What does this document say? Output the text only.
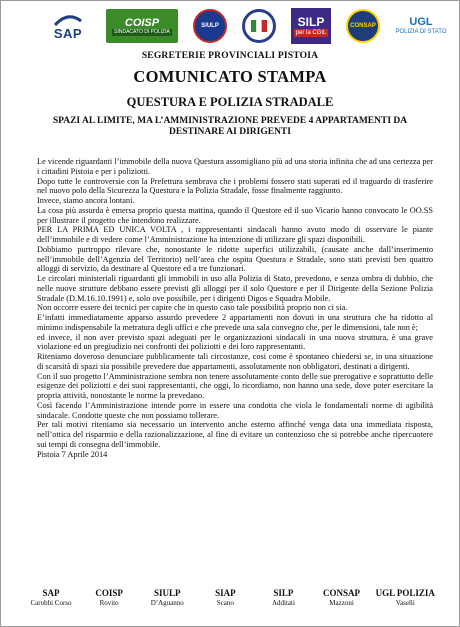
SAP
COISP
SINDACATO DI POLIZIA
SIULP	SILP
per la CGIL
CONSAP	UGL
POLIZIA DI STATO
SEGRETERIE PROVINCIALI PISTOIA
COMUNICATO STAMPA
QUESTURA E POLIZIA STRADALE
SPAZI AL LIMITE, MA L’AMMINISTRAZIONE PREVEDE 4 APPARTAMENTI DA
DESTINARE AI DIRIGENTI

Le vicende riguardanti l’immobile della nuova Questura assomigliano più ad una storia infinita che ad una certezza per i cittadini Pistoia e per i poliziotti.

Dopo tutte le controversie con la Prefettura sembrava che i problemi fossero stati superati ed il traguardo di trasferire nel nuovo polo della Sicurezza la Questura e la Polizia Stradale, fosse finalmente raggiunto.

Invece, siamo ancora lontani.

La cosa più assurda è emersa proprio questa mattina, quando il Questore ed il suo Vicario hanno convocato le OO.SS per illustrare il progetto che intendono realizzare.

PER LA PRIMA ED UNICA VOLTA , i rappresentanti sindacali hanno avuto modo di osservare le piante dell’immobile e di vedere come l’Amministrazione ha intenzione di utilizzare gli spazi disponibili.

Dobbiamo purtroppo rilevare che, nonostante le ridotte superfici utilizzabili, (causate anche dall’inserimento nell’immobile dell’Agenzia del Territorio) nell’area che ospita Questura e Stradale, sono stati previsti ben quattro alloggi di servizio, da destinare al Questore ed a tre funzionari.

Le circolari ministeriali riguardanti gli immobili in uso alla Polizia di Stato, prevedono, e senza ombra di dubbio, che nelle nuove strutture debbano essere previsti gli alloggi per il solo Questore e per il Dirigente della Sezione Polizia Stradale (D.M.16.10.1991) e, solo ove possibile, per i dirigenti Digos e Squadra Mobile.

Non occorre essere dei tecnici per capire che in questo caso tale possibilità proprio non ci sia.

E’infatti immediatamente apparso assurdo prevedere 2 appartamenti non dovuti in una struttura che ha ridotto al minimo indispensabile la metratura degli uffici e che prevede una sala convegno che, per le dimensioni, tale non è;

ed invece, il non aver previsto spazi adeguati per le organizzazioni sindacali in una nuova struttura, è una grave violazione ed un pregiudizio nei confronti dei poliziotti e dei loro rappresentanti.

Riteniamo doveroso denunciare pubblicamente tali circostanze, cosi come è spontaneo chiedersi se, in una situazione di scarsità di spazi sia possibile prevedere due appartamenti, assolutamente non obbligatori, destinati a dirigenti.

Con il suo progetto l’Amministrazione sembra non tenere assolutamente conto delle sue prerogative e soprattutto delle esigenze dei poliziotti e dei suoi rappresentanti, che oggi, lo ricordiamo, non hanno una sede, dove poter esercitare la propria attività, nonostante le norme la prevedano.

Così facendo l’Amministrazione intende porre in essere una condotta che viola le fondamentali norme di agibilità sindacale. Condotte queste che non possiamo tollerare.

Per tali motivi riteniamo sia necessario un intervento anche esterno affinché venga data una immediata risposta, nell’ottica del risparmio e della razionalizzazione, al fine di evitare un contenzioso che si potrebbe anche ripercuotere sui tempi di consegna dell’immobile.

Pistoia 7 Aprile 2014

SAP
Carobbi Corso
COISP
Rovito
SIULP
D’Aguanno
SIAP
Scano
SILP
Additati
CONSAP
Mazzoni
UGL POLIZIA
Vaselli
